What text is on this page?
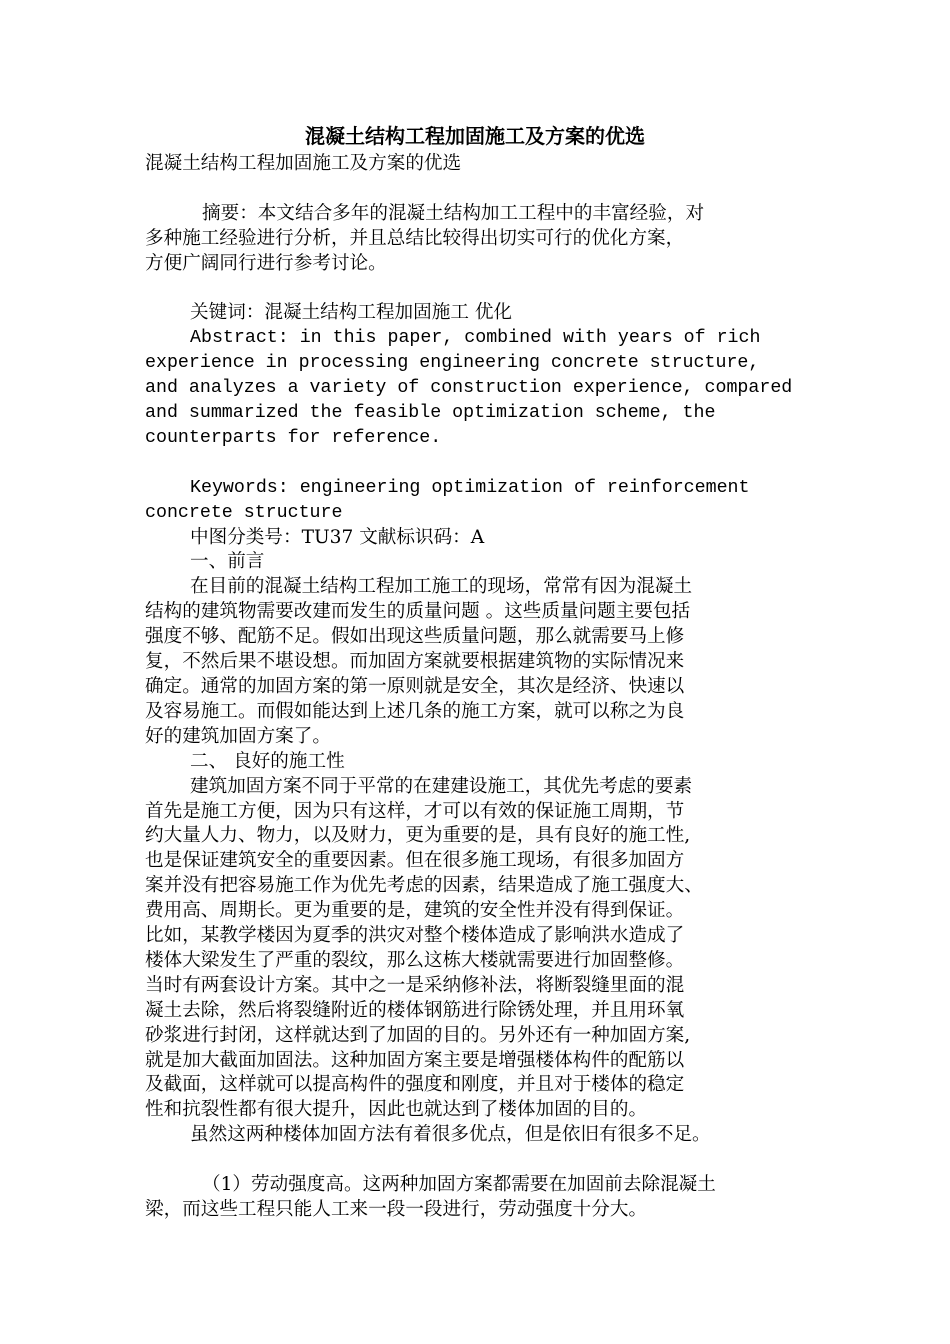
混凝土结构工程加固施工及方案的优选

混凝土结构工程加固施工及方案的优选

摘要：本文结合多年的混凝土结构加工工程中的丰富经验，对

多种施工经验进行分析，并且总结比较得出切实可行的优化方案，

方便广阔同行进行参考讨论。

关键词：混凝土结构工程加固施工 优化

Abstract: in this paper, combined with years of rich

experience in processing engineering concrete structure,

and analyzes a variety of construction experience, compared

and summarized the feasible optimization scheme, the

counterparts for reference.

Keywords: engineering optimization of reinforcement

concrete structure

中图分类号：TU37 文献标识码：A

一、前言

在目前的混凝土结构工程加工施工的现场，常常有因为混凝土

结构的建筑物需要改建而发生的质量问题 。这些质量问题主要包括

强度不够、配筋不足。假如出现这些质量问题，那么就需要马上修

复，不然后果不堪设想。而加固方案就要根据建筑物的实际情况来

确定。通常的加固方案的第一原则就是安全，其次是经济、快速以

及容易施工。而假如能达到上述几条的施工方案，就可以称之为良

好的建筑加固方案了。

二、 良好的施工性

建筑加固方案不同于平常的在建建设施工，其优先考虑的要素

首先是施工方便，因为只有这样，才可以有效的保证施工周期，节

约大量人力、物力，以及财力，更为重要的是，具有良好的施工性,

也是保证建筑安全的重要因素。但在很多施工现场，有很多加固方

案并没有把容易施工作为优先考虑的因素，结果造成了施工强度大、

费用高、周期长。更为重要的是，建筑的安全性并没有得到保证。

比如，某教学楼因为夏季的洪灾对整个楼体造成了影响洪水造成了

楼体大梁发生了严重的裂纹，那么这栋大楼就需要进行加固整修。

当时有两套设计方案。其中之一是采纳修补法，将断裂缝里面的混

凝土去除，然后将裂缝附近的楼体钢筋进行除锈处理，并且用环氧

砂浆进行封闭，这样就达到了加固的目的。另外还有一种加固方案,

就是加大截面加固法。这种加固方案主要是增强楼体构件的配筋以

及截面，这样就可以提高构件的强度和刚度，并且对于楼体的稳定

性和抗裂性都有很大提升，因此也就达到了楼体加固的目的。

虽然这两种楼体加固方法有着很多优点，但是依旧有很多不足。

（1）劳动强度高。这两种加固方案都需要在加固前去除混凝土

梁，而这些工程只能人工来一段一段进行，劳动强度十分大。
